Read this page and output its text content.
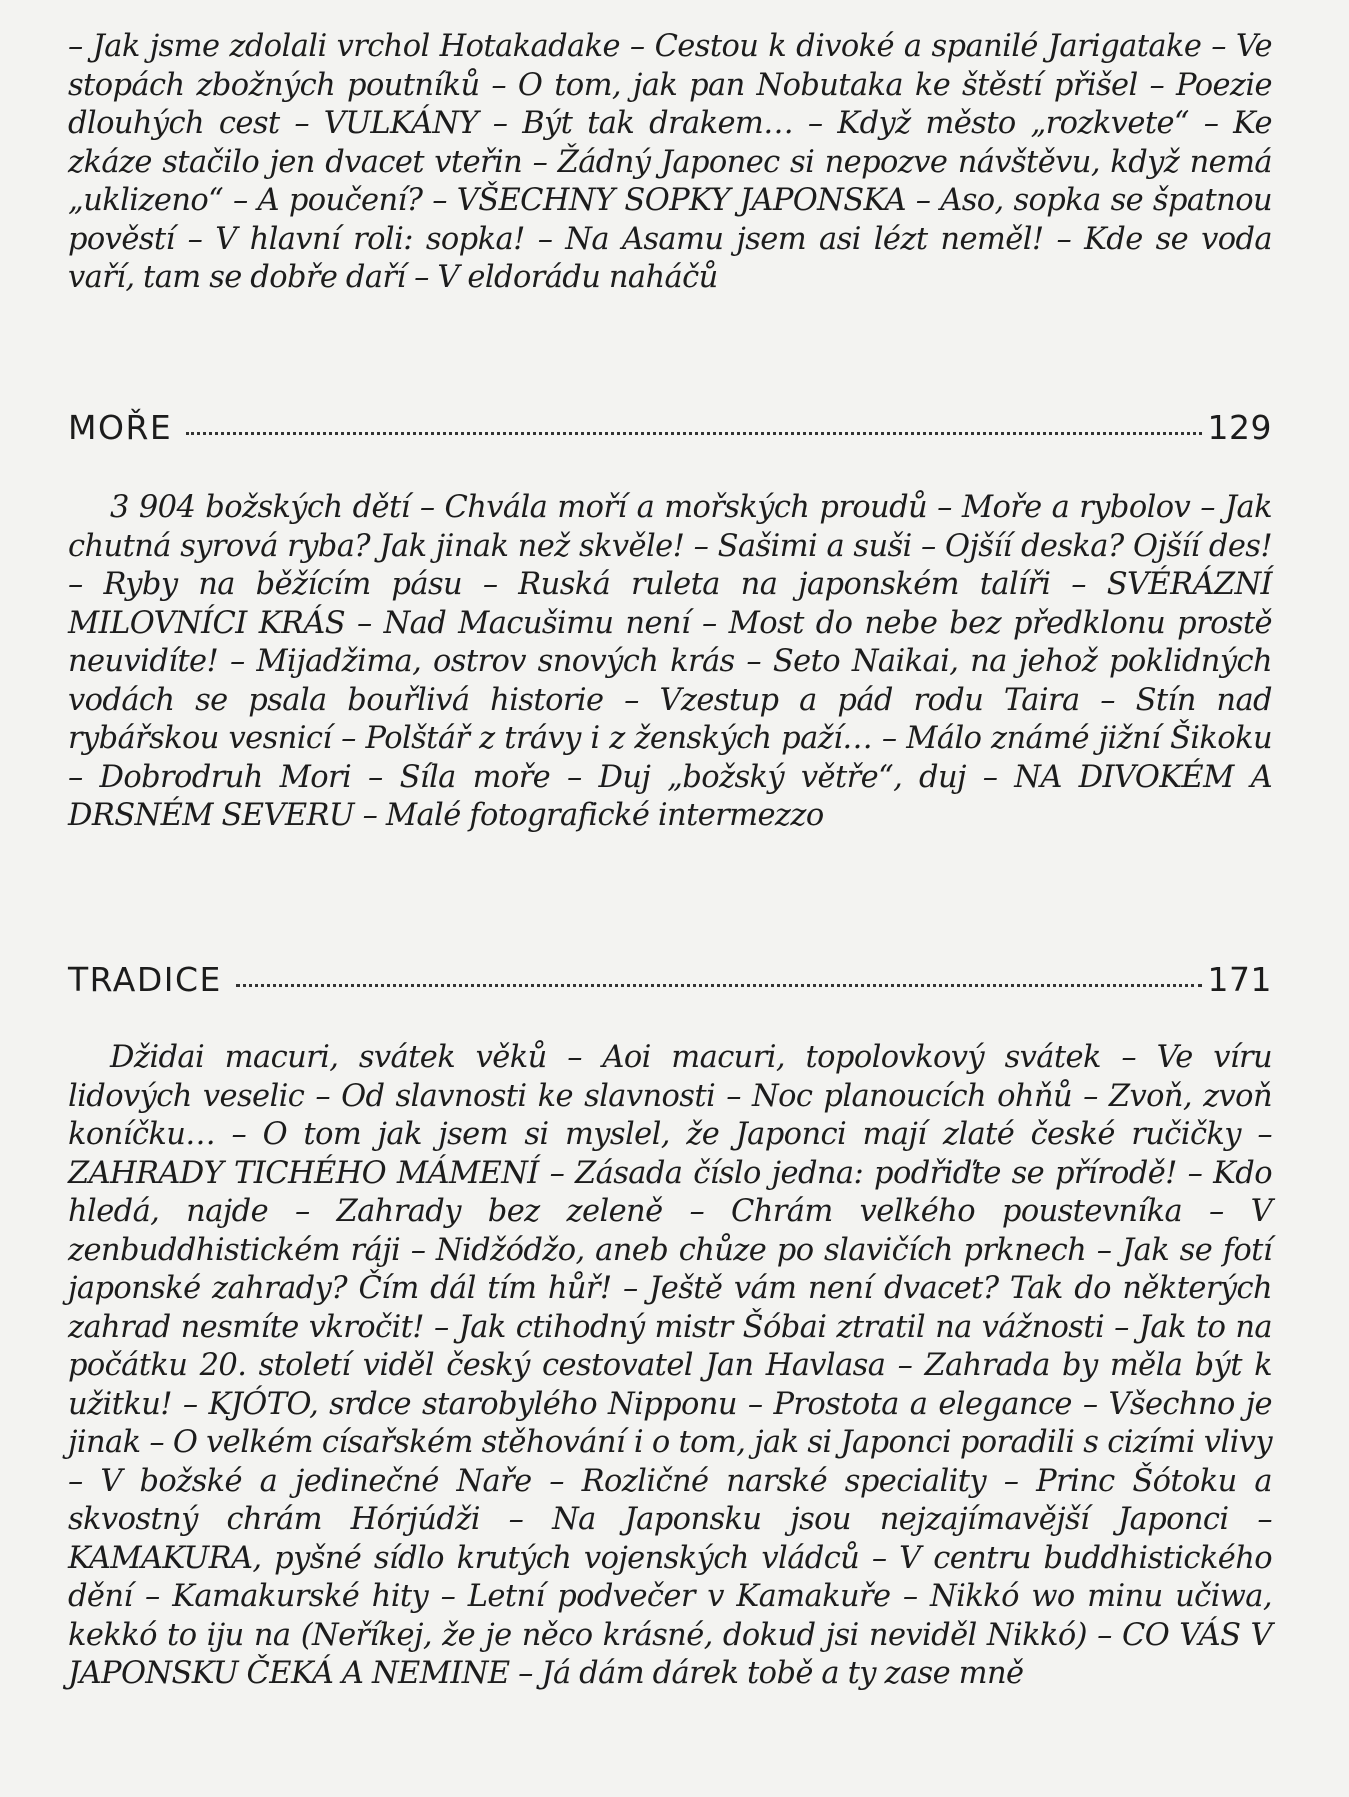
– Jak jsme zdolali vrchol Hotakadake – Cestou k divoké a spanilé Jarigatake – Ve stopách zbožných poutníků – O tom, jak pan Nobutaka ke štěstí přišel – Poezie dlouhých cest – VULKÁNY – Být tak drakem… – Když město „rozkvete“ – Ke zkáze stačilo jen dvacet vteřin – Žádný Japonec si nepozve návštěvu, když nemá „uklizeno“ – A poučení? – VŠECHNY SOPKY JAPONSKA – Aso, sopka se špatnou pověstí – V hlavní roli: sopka! – Na Asamu jsem asi lézt neměl! – Kde se voda vaří, tam se dobře daří – V eldorádu naháčů

MOŘE	129

3 904 božských dětí – Chvála moří a mořských proudů – Moře a rybolov – Jak chutná syrová ryba? Jak jinak než skvěle! – Sašimi a suši – Ojšíí deska? Ojšíí des! – Ryby na běžícím pásu – Ruská ruleta na japonském talíři – SVÉRÁZNÍ MILOVNÍCI KRÁS – Nad Macušimu není – Most do nebe bez předklonu prostě neuvidíte! – Mijadžima, ostrov snových krás – Seto Naikai, na jehož poklidných vodách se psala bouřlivá historie – Vzestup a pád rodu Taira – Stín nad rybářskou vesnicí – Polštář z trávy i z ženských paží… – Málo známé jižní Šikoku – Dobrodruh Mori – Síla moře – Duj „božský větře“, duj – NA DIVOKÉM A DRSNÉM SEVERU – Malé fotografické intermezzo

TRADICE	171

Džidai macuri, svátek věků – Aoi macuri, topolovkový svátek – Ve víru lidových veselic – Od slavnosti ke slavnosti – Noc planoucích ohňů – Zvoň, zvoň koníčku… – O tom jak jsem si myslel, že Japonci mají zlaté české ručičky – ZAHRADY TICHÉHO MÁMENÍ – Zásada číslo jedna: podřiďte se přírodě! – Kdo hledá, najde – Zahrady bez zeleně – Chrám velkého poustevníka – V zenbuddhistickém ráji – Nidžódžo, aneb chůze po slavičích prknech – Jak se fotí japonské zahrady? Čím dál tím hůř! – Ještě vám není dvacet? Tak do některých zahrad nesmíte vkročit! – Jak ctihodný mistr Šóbai ztratil na vážnosti – Jak to na počátku 20. století viděl český cestovatel Jan Havlasa – Zahrada by měla být k užitku! – KJÓTO, srdce starobylého Nipponu – Prostota a elegance – Všechno je jinak – O velkém císařském stěhování i o tom, jak si Japonci poradili s cizími vlivy – V božské a jedinečné Naře – Rozličné narské speciality – Princ Šótoku a skvostný chrám Hórjúdži – Na Japonsku jsou nejzajímavější Japonci – KAMAKURA, pyšné sídlo krutých vojenských vládců – V centru buddhistického dění – Kamakurské hity – Letní podvečer v Kamakuře – Nikkó wo minu učiwa, kekkó to iju na (Neříkej, že je něco krásné, dokud jsi neviděl Nikkó) – CO VÁS V JAPONSKU ČEKÁ A NEMINE – Já dám dárek tobě a ty zase mně
